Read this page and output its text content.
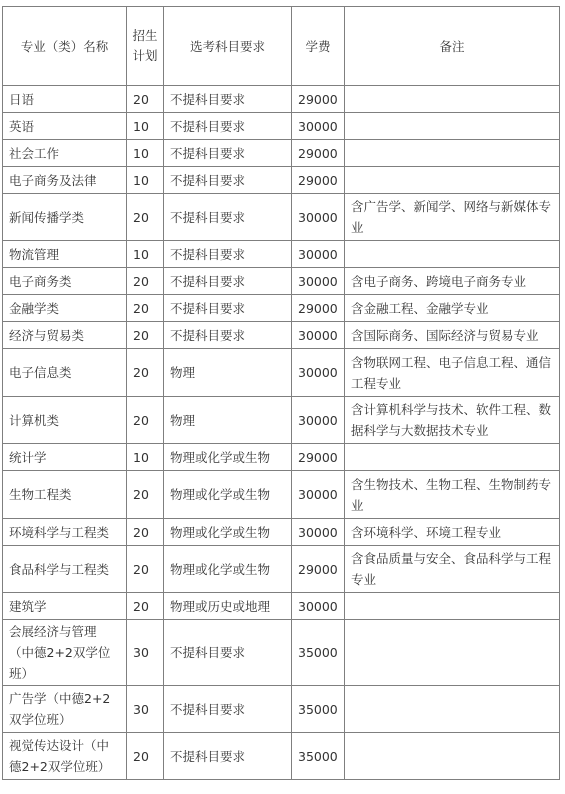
专业（类）名称	招生计划	选考科目要求	学费	备注
日语	20	不提科目要求	29000	
英语	10	不提科目要求	30000	
社会工作	10	不提科目要求	29000	
电子商务及法律	10	不提科目要求	29000	
新闻传播学类	20	不提科目要求	30000	含广告学、新闻学、网络与新媒体专业
物流管理	10	不提科目要求	30000	
电子商务类	20	不提科目要求	30000	含电子商务、跨境电子商务专业
金融学类	20	不提科目要求	29000	含金融工程、金融学专业
经济与贸易类	20	不提科目要求	30000	含国际商务、国际经济与贸易专业
电子信息类	20	物理	30000	含物联网工程、电子信息工程、通信工程专业
计算机类	20	物理	30000	含计算机科学与技术、软件工程、数据科学与大数据技术专业
统计学	10	物理或化学或生物	29000	
生物工程类	20	物理或化学或生物	30000	含生物技术、生物工程、生物制药专业
环境科学与工程类	20	物理或化学或生物	30000	含环境科学、环境工程专业
食品科学与工程类	20	物理或化学或生物	29000	含食品质量与安全、食品科学与工程专业
建筑学	20	物理或历史或地理	30000	
会展经济与管理（中德2+2双学位班）	30	不提科目要求	35000	
广告学（中德2+2双学位班）	30	不提科目要求	35000	
视觉传达设计（中德2+2双学位班）	20	不提科目要求	35000	
